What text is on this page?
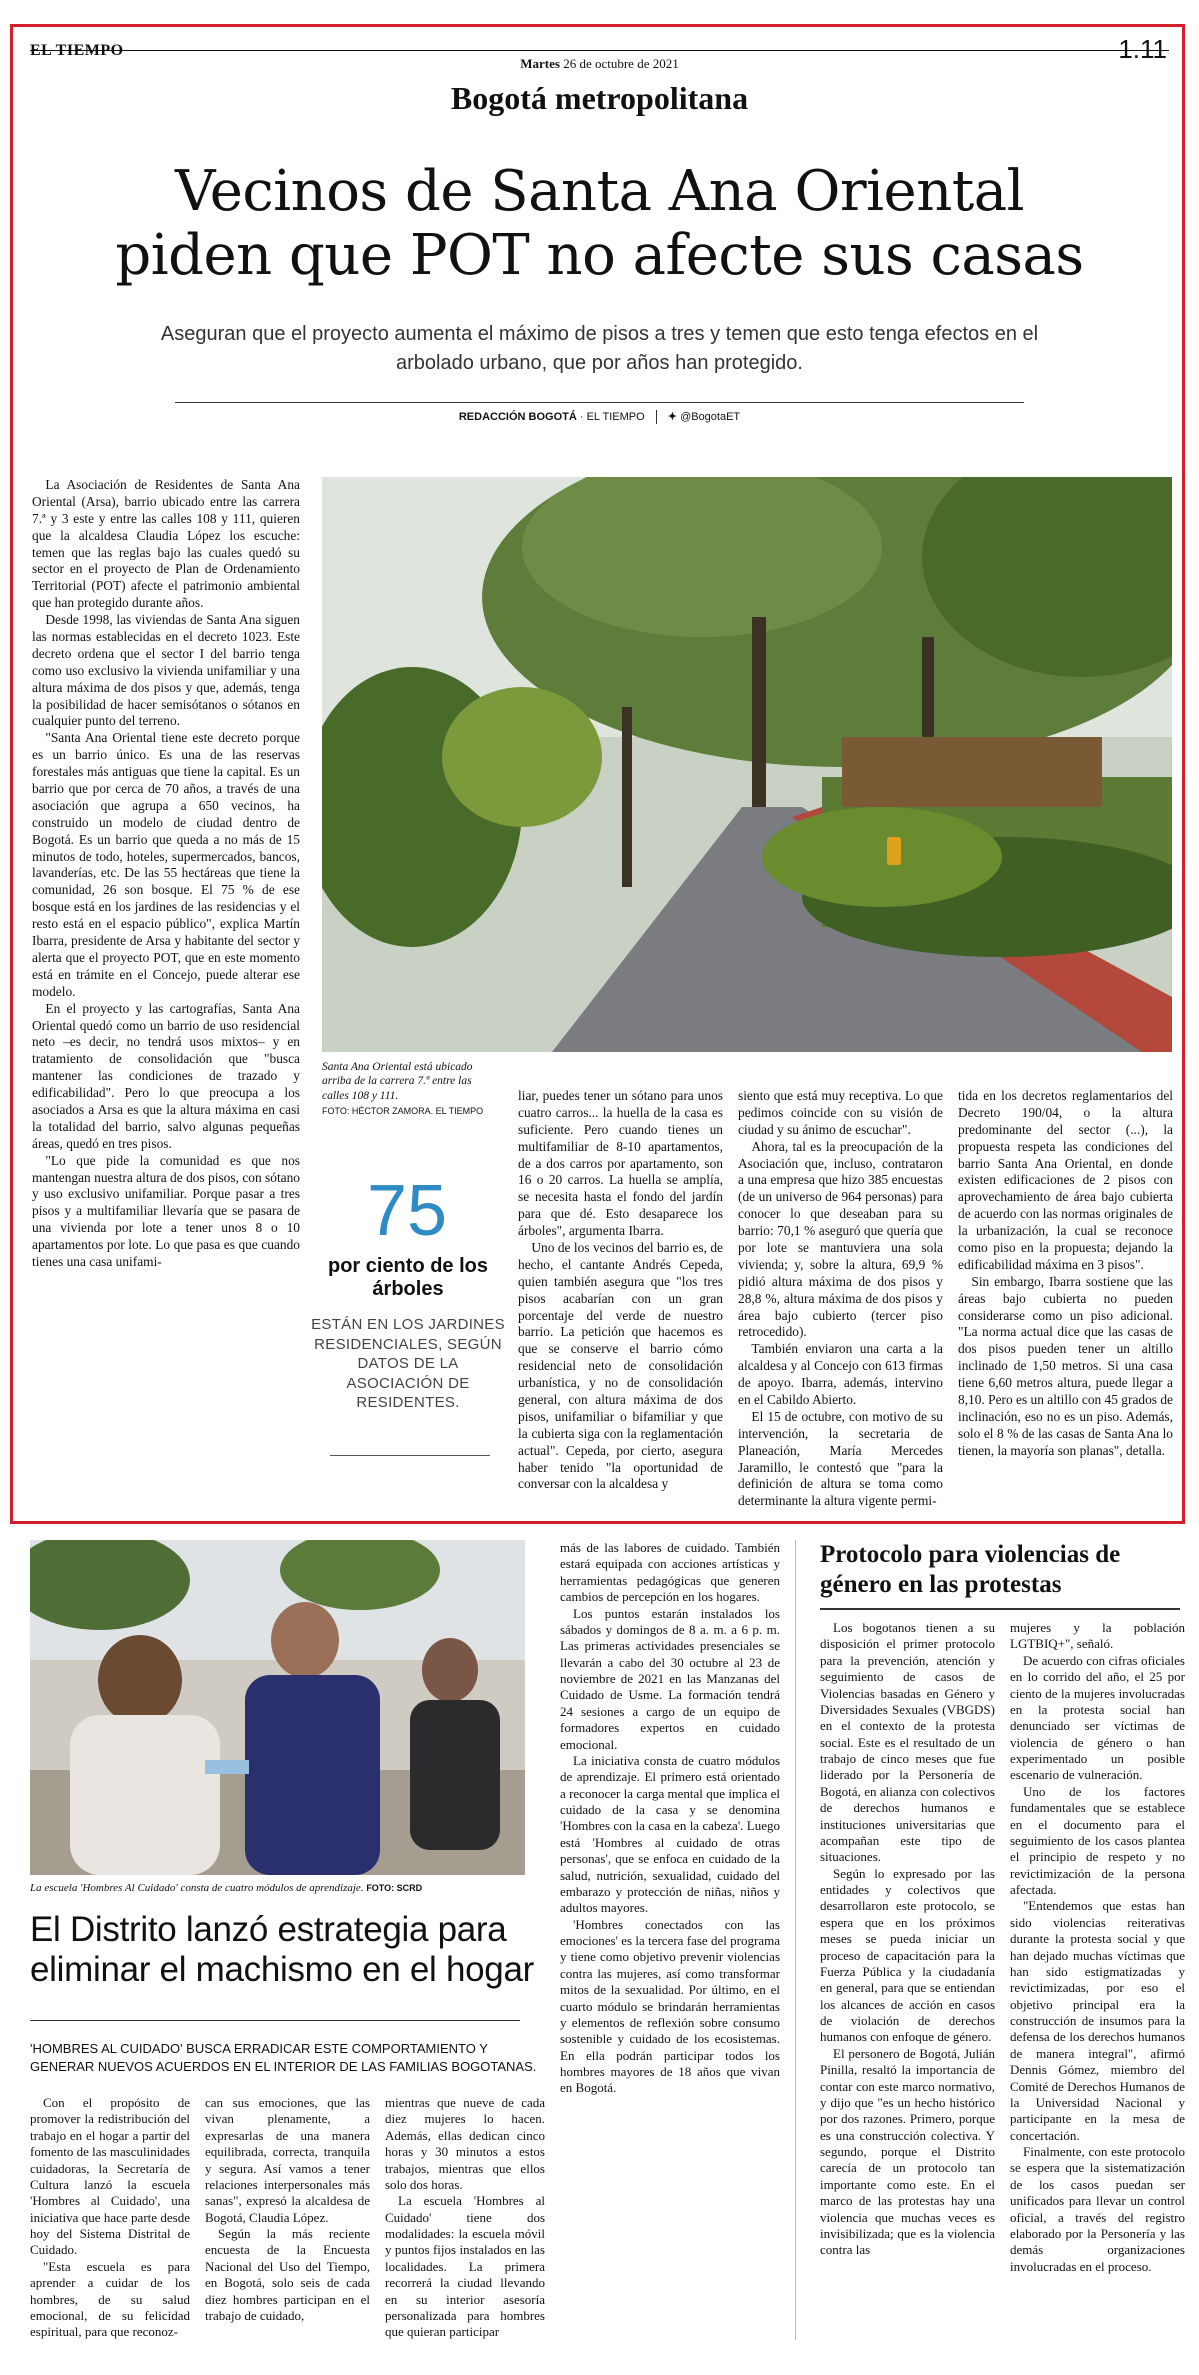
EL TIEMPO	1.11
Martes 26 de octubre de 2021
Bogotá metropolitana
Vecinos de Santa Ana Oriental
piden que POT no afecte sus casas
Aseguran que el proyecto aumenta el máximo de pisos a tres y temen que esto tenga efectos en el arbolado urbano, que por años han protegido.
REDACCIÓN BOGOTÁ · EL TIEMPO ✦ @BogotaET

La Asociación de Residentes de Santa Ana Oriental (Arsa), barrio ubicado entre las carrera 7.ª y 3 este y entre las calles 108 y 111, quieren que la alcaldesa Claudia López los escuche: temen que las reglas bajo las cuales quedó su sector en el proyecto de Plan de Ordenamiento Territorial (POT) afecte el patrimonio ambiental que han protegido durante años.

Desde 1998, las viviendas de Santa Ana siguen las normas establecidas en el decreto 1023. Este decreto ordena que el sector I del barrio tenga como uso exclusivo la vivienda unifamiliar y una altura máxima de dos pisos y que, además, tenga la posibilidad de hacer semisótanos o sótanos en cualquier punto del terreno.

"Santa Ana Oriental tiene este decreto porque es un barrio único. Es una de las reservas forestales más antiguas que tiene la capital. Es un barrio que por cerca de 70 años, a través de una asociación que agrupa a 650 vecinos, ha construido un modelo de ciudad dentro de Bogotá. Es un barrio que queda a no más de 15 minutos de todo, hoteles, supermercados, bancos, lavanderías, etc. De las 55 hectáreas que tiene la comunidad, 26 son bosque. El 75 % de ese bosque está en los jardines de las residencias y el resto está en el espacio público", explica Martín Ibarra, presidente de Arsa y habitante del sector y alerta que el proyecto POT, que en este momento está en trámite en el Concejo, puede alterar ese modelo.

En el proyecto y las cartografías, Santa Ana Oriental quedó como un barrio de uso residencial neto –es decir, no tendrá usos mixtos– y en tratamiento de consolidación que "busca mantener las condiciones de trazado y edificabilidad". Pero lo que preocupa a los asociados a Arsa es que la altura máxima en casi la totalidad del barrio, salvo algunas pequeñas áreas, quedó en tres pisos.

"Lo que pide la comunidad es que nos mantengan nuestra altura de dos pisos, con sótano y uso exclusivo unifamiliar. Porque pasar a tres pisos y a multifamiliar llevaría que se pasara de una vivienda por lote a tener unos 8 o 10 apartamentos por lote. Lo que pasa es que cuando tienes una casa unifami-

Santa Ana Oriental está ubicado arriba de la carrera 7.ª entre las calles 108 y 111.
FOTO: HÉCTOR ZAMORA. EL TIEMPO
75
por ciento de los árboles
ESTÁN EN LOS JARDINES RESIDENCIALES, SEGÚN DATOS DE LA ASOCIACIÓN DE RESIDENTES.

liar, puedes tener un sótano para unos cuatro carros... la huella de la casa es suficiente. Pero cuando tienes un multifamiliar de 8-10 apartamentos, de a dos carros por apartamento, son 16 o 20 carros. La huella se amplía, se necesita hasta el fondo del jardín para que dé. Esto desaparece los árboles", argumenta Ibarra.

Uno de los vecinos del barrio es, de hecho, el cantante Andrés Cepeda, quien también asegura que "los tres pisos acabarían con un gran porcentaje del verde de nuestro barrio. La petición que hacemos es que se conserve el barrio cómo residencial neto de consolidación urbanística, y no de consolidación general, con altura máxima de dos pisos, unifamiliar o bifamiliar y que la cubierta siga con la reglamentación actual". Cepeda, por cierto, asegura haber tenido "la oportunidad de conversar con la alcaldesa y

siento que está muy receptiva. Lo que pedimos coincide con su visión de ciudad y su ánimo de escuchar".

Ahora, tal es la preocupación de la Asociación que, incluso, contrataron a una empresa que hizo 385 encuestas (de un universo de 964 personas) para conocer lo que deseaban para su barrio: 70,1 % aseguró que quería que por lote se mantuviera una sola vivienda; y, sobre la altura, 69,9 % pidió altura máxima de dos pisos y 28,8 %, altura máxima de dos pisos y área bajo cubierto (tercer piso retrocedido).

También enviaron una carta a la alcaldesa y al Concejo con 613 firmas de apoyo. Ibarra, además, intervino en el Cabildo Abierto.

El 15 de octubre, con motivo de su intervención, la secretaria de Planeación, María Mercedes Jaramillo, le contestó que "para la definición de altura se toma como determinante la altura vigente permi-

tida en los decretos reglamentarios del Decreto 190/04, o la altura predominante del sector (...), la propuesta respeta las condiciones del barrio Santa Ana Oriental, en donde existen edificaciones de 2 pisos con aprovechamiento de área bajo cubierta de acuerdo con las normas originales de la urbanización, la cual se reconoce como piso en la propuesta; dejando la edificabilidad máxima en 3 pisos".

Sin embargo, Ibarra sostiene que las áreas bajo cubierta no pueden considerarse como un piso adicional. "La norma actual dice que las casas de dos pisos pueden tener un altillo inclinado de 1,50 metros. Si una casa tiene 6,60 metros altura, puede llegar a 8,10. Pero es un altillo con 45 grados de inclinación, eso no es un piso. Además, solo el 8 % de las casas de Santa Ana lo tienen, la mayoría son planas", detalla.

La escuela 'Hombres Al Cuidado' consta de cuatro módulos de aprendizaje. FOTO: SCRD
El Distrito lanzó estrategia para eliminar el machismo en el hogar
'HOMBRES AL CUIDADO' BUSCA ERRADICAR ESTE COMPORTAMIENTO Y GENERAR NUEVOS ACUERDOS EN EL INTERIOR DE LAS FAMILIAS BOGOTANAS.

Con el propósito de promover la redistribución del trabajo en el hogar a partir del fomento de las masculinidades cuidadoras, la Secretaría de Cultura lanzó la escuela 'Hombres al Cuidado', una iniciativa que hace parte desde hoy del Sistema Distrital de Cuidado.

"Esta escuela es para aprender a cuidar de los hombres, de su salud emocional, de su felicidad espiritual, para que reconoz-

can sus emociones, que las vivan plenamente, a expresarlas de una manera equilibrada, correcta, tranquila y segura. Así vamos a tener relaciones interpersonales más sanas", expresó la alcaldesa de Bogotá, Claudia López.

Según la más reciente encuesta de la Encuesta Nacional del Uso del Tiempo, en Bogotá, solo seis de cada diez hombres participan en el trabajo de cuidado,

mientras que nueve de cada diez mujeres lo hacen. Además, ellas dedican cinco horas y 30 minutos a estos trabajos, mientras que ellos solo dos horas.

La escuela 'Hombres al Cuidado' tiene dos modalidades: la escuela móvil y puntos fijos instalados en las localidades. La primera recorrerá la ciudad llevando en su interior asesoría personalizada para hombres que quieran participar

más de las labores de cuidado. También estará equipada con acciones artísticas y herramientas pedagógicas que generen cambios de percepción en los hogares.

Los puntos estarán instalados los sábados y domingos de 8 a. m. a 6 p. m. Las primeras actividades presenciales se llevarán a cabo del 30 octubre al 23 de noviembre de 2021 en las Manzanas del Cuidado de Usme. La formación tendrá 24 sesiones a cargo de un equipo de formadores expertos en cuidado emocional.

La iniciativa consta de cuatro módulos de aprendizaje. El primero está orientado a reconocer la carga mental que implica el cuidado de la casa y se denomina 'Hombres con la casa en la cabeza'. Luego está 'Hombres al cuidado de otras personas', que se enfoca en cuidado de la salud, nutrición, sexualidad, cuidado del embarazo y protección de niñas, niños y adultos mayores.

'Hombres conectados con las emociones' es la tercera fase del programa y tiene como objetivo prevenir violencias contra las mujeres, así como transformar mitos de la sexualidad. Por último, en el cuarto módulo se brindarán herramientas y elementos de reflexión sobre consumo sostenible y cuidado de los ecosistemas. En ella podrán participar todos los hombres mayores de 18 años que vivan en Bogotá.

Protocolo para violencias de género en las protestas

Los bogotanos tienen a su disposición el primer protocolo para la prevención, atención y seguimiento de casos de Violencias basadas en Género y Diversidades Sexuales (VBGDS) en el contexto de la protesta social. Este es el resultado de un trabajo de cinco meses que fue liderado por la Personería de Bogotá, en alianza con colectivos de derechos humanos e instituciones universitarias que acompañan este tipo de situaciones.

Según lo expresado por las entidades y colectivos que desarrollaron este protocolo, se espera que en los próximos meses se pueda iniciar un proceso de capacitación para la Fuerza Pública y la ciudadanía en general, para que se entiendan los alcances de acción en casos de violación de derechos humanos con enfoque de género.

El personero de Bogotá, Julián Pinilla, resaltó la importancia de contar con este marco normativo, y dijo que "es un hecho histórico por dos razones. Primero, porque es una construcción colectiva. Y segundo, porque el Distrito carecía de un protocolo tan importante como este. En el marco de las protestas hay una violencia que muchas veces es invisibilizada; que es la violencia contra las

mujeres y la población LGTBIQ+", señaló.

De acuerdo con cifras oficiales en lo corrido del año, el 25 por ciento de la mujeres involucradas en la protesta social han denunciado ser víctimas de violencia de género o han experimentado un posible escenario de vulneración.

Uno de los factores fundamentales que se establece en el documento para el seguimiento de los casos plantea el principio de respeto y no revictimización de la persona afectada.

"Entendemos que estas han sido violencias reiterativas durante la protesta social y que han dejado muchas víctimas que han sido estigmatizadas y revictimizadas, por eso el objetivo principal era la construcción de insumos para la defensa de los derechos humanos de manera integral", afirmó Dennis Gómez, miembro del Comité de Derechos Humanos de la Universidad Nacional y participante en la mesa de concertación.

Finalmente, con este protocolo se espera que la sistematización de los casos puedan ser unificados para llevar un control oficial, a través del registro elaborado por la Personería y las demás organizaciones involucradas en el proceso.
